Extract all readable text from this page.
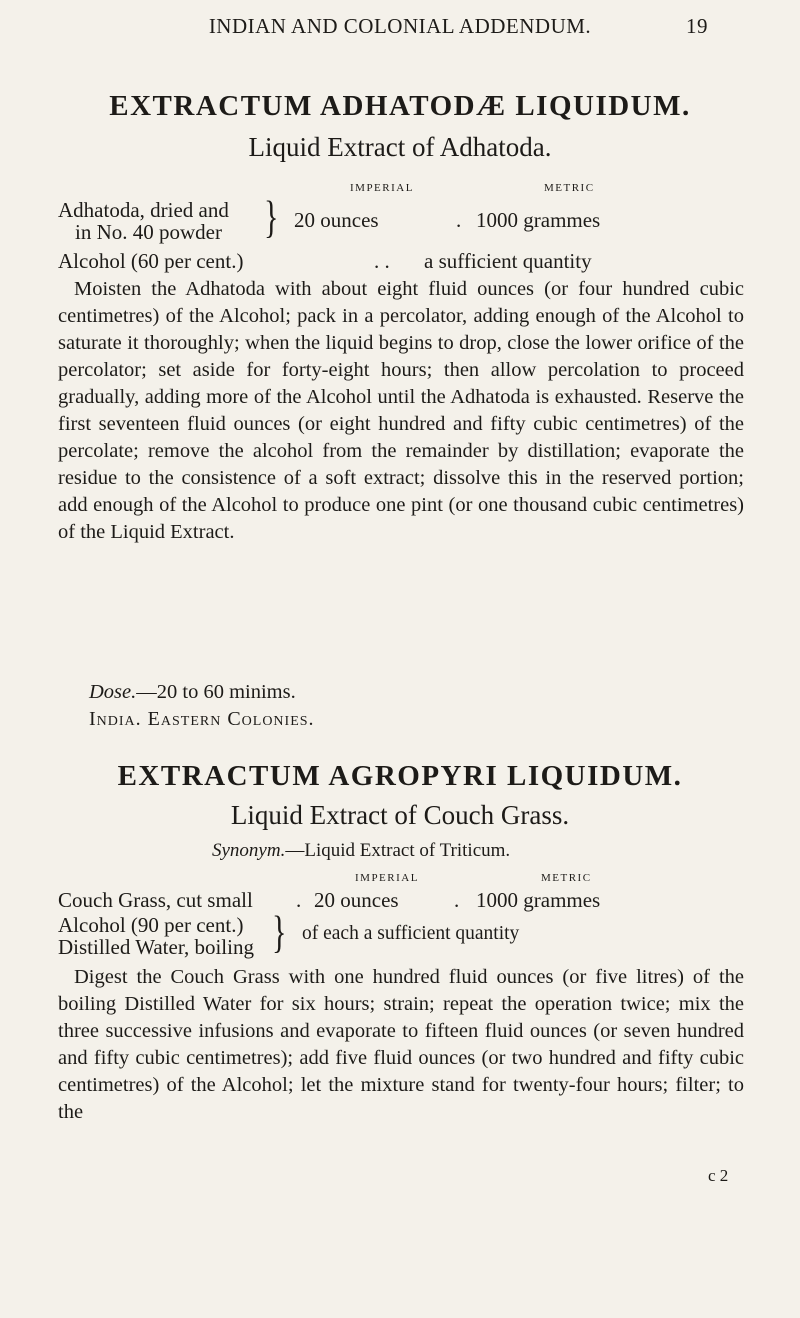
INDIAN AND COLONIAL ADDENDUM.	19
EXTRACTUM ADHATODÆ LIQUIDUM.
Liquid Extract of Adhatoda.
IMPERIAL	METRIC
Adhatoda, dried and
in No. 40 powder } 20 ounces	. 1000 grammes
Alcohol (60 per cent.)	. . a sufficient quantity
Moisten the Adhatoda with about eight fluid ounces (or four hundred cubic centimetres) of the Alcohol; pack in a percolator, adding enough of the Alcohol to saturate it thoroughly; when the liquid begins to drop, close the lower orifice of the percolator; set aside for forty-eight hours; then allow percolation to proceed gradually, adding more of the Alcohol until the Adhatoda is exhausted. Reserve the first seventeen fluid ounces (or eight hundred and fifty cubic centimetres) of the percolate; remove the alcohol from the remainder by distillation; evaporate the residue to the consistence of a soft extract; dissolve this in the reserved portion; add enough of the Alcohol to produce one pint (or one thousand cubic centimetres) of the Liquid Extract.
Dose.—20 to 60 minims.
India. Eastern Colonies.
EXTRACTUM AGROPYRI LIQUIDUM.
Liquid Extract of Couch Grass.
Synonym.—Liquid Extract of Triticum.
IMPERIAL	METRIC
Couch Grass, cut small . 20 ounces	. 1000 grammes
Alcohol (90 per cent.)
Distilled Water, boiling } of each a sufficient quantity
Digest the Couch Grass with one hundred fluid ounces (or five litres) of the boiling Distilled Water for six hours; strain; repeat the operation twice; mix the three successive infusions and evaporate to fifteen fluid ounces (or seven hundred and fifty cubic centimetres); add five fluid ounces (or two hundred and fifty cubic centimetres) of the Alcohol; let the mixture stand for twenty-four hours; filter; to the
c 2
